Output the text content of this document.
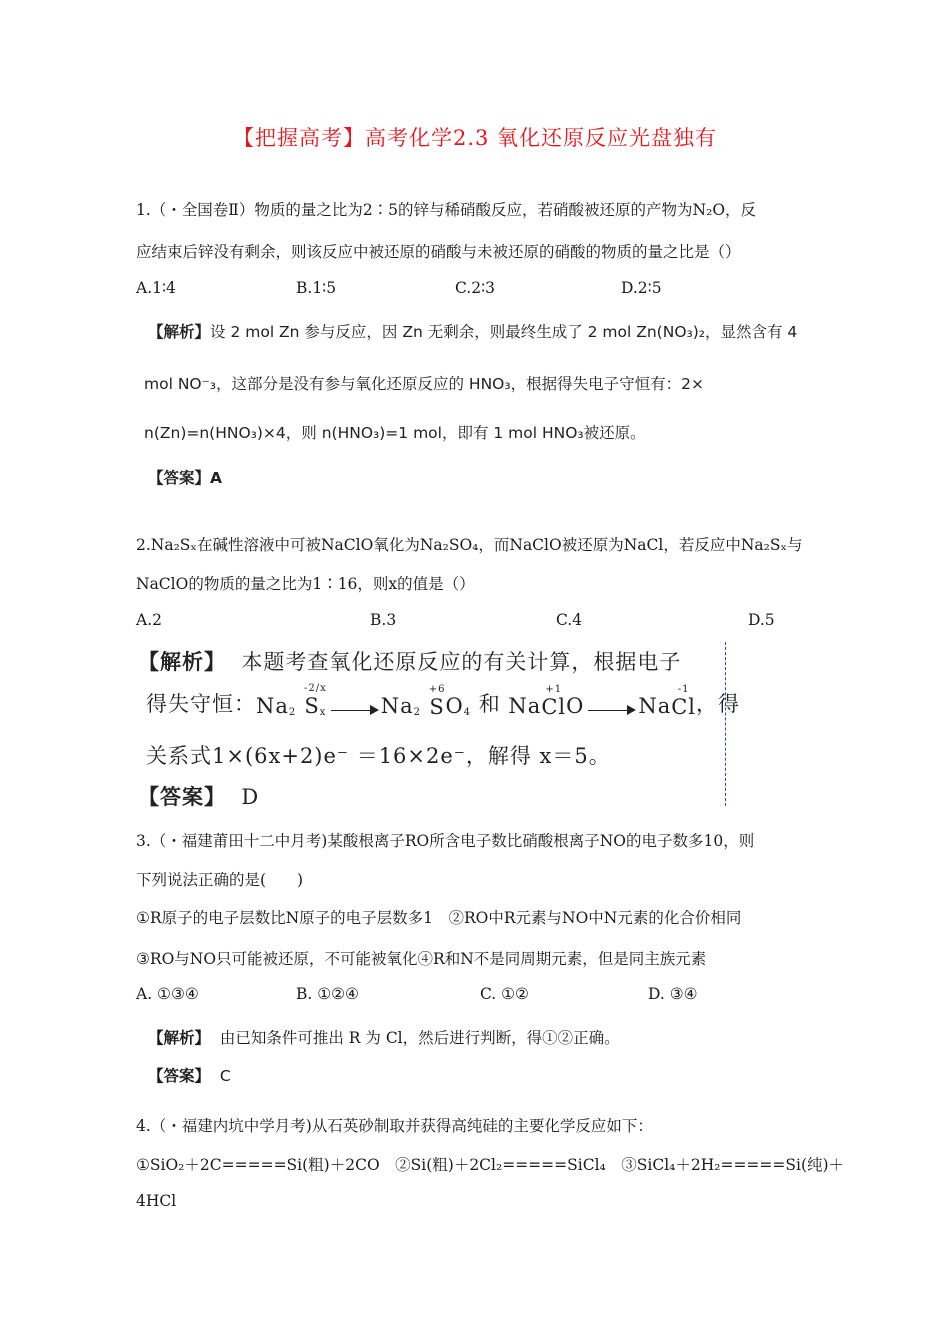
【把握高考】高考化学2.3 氧化还原反应光盘独有
1.（・全国卷Ⅱ）物质的量之比为2∶5的锌与稀硝酸反应，若硝酸被还原的产物为N₂O，反
应结束后锌没有剩余，则该反应中被还原的硝酸与未被还原的硝酸的物质的量之比是（）
A.1∶4	B.1∶5	C.2∶3	D.2∶5
【解析】设 2 mol Zn 参与反应，因 Zn 无剩余，则最终生成了 2 mol Zn(NO₃)₂，显然含有 4
mol NO⁻₃，这部分是没有参与氧化还原反应的 HNO₃，根据得失电子守恒有：2×
n(Zn)=n(HNO₃)×4，则 n(HNO₃)=1 mol，即有 1 mol HNO₃被还原。
【答案】A
2.Na₂Sₓ在碱性溶液中可被NaClO氧化为Na₂SO₄，而NaClO被还原为NaCl，若反应中Na₂Sₓ与
NaClO的物质的量之比为1∶16，则x的值是（）
A.2	B.3	C.4	D.5
【解析】 本题考查氧化还原反应的有关计算，根据电子
得失守恒： $Na_2$

-2/x
$S_x \to Na_2$

+6
S $O_4$
和
Na
+1
Cl O → Na
-1
Cl ，得
关系式1×(6x+2)e⁻ ＝16×2e⁻，解得 x＝5。
【答案】 D
3.（・福建莆田十二中月考)某酸根离子RO所含电子数比硝酸根离子NO的电子数多10，则
下列说法正确的是(　　)
①R原子的电子层数比N原子的电子层数多1　②RO中R元素与NO中N元素的化合价相同
③RO与NO只可能被还原，不可能被氧化④R和N不是同周期元素，但是同主族元素
A. ①③④	B. ①②④	C. ①②	D. ③④
【解析】 由已知条件可推出 R 为 Cl，然后进行判断，得①②正确。
【答案】 C
4.（・福建内坑中学月考)从石英砂制取并获得高纯硅的主要化学反应如下：
①SiO₂＋2C=====Si(粗)＋2CO　②Si(粗)＋2Cl₂=====SiCl₄　③SiCl₄＋2H₂=====Si(纯)＋
4HCl
